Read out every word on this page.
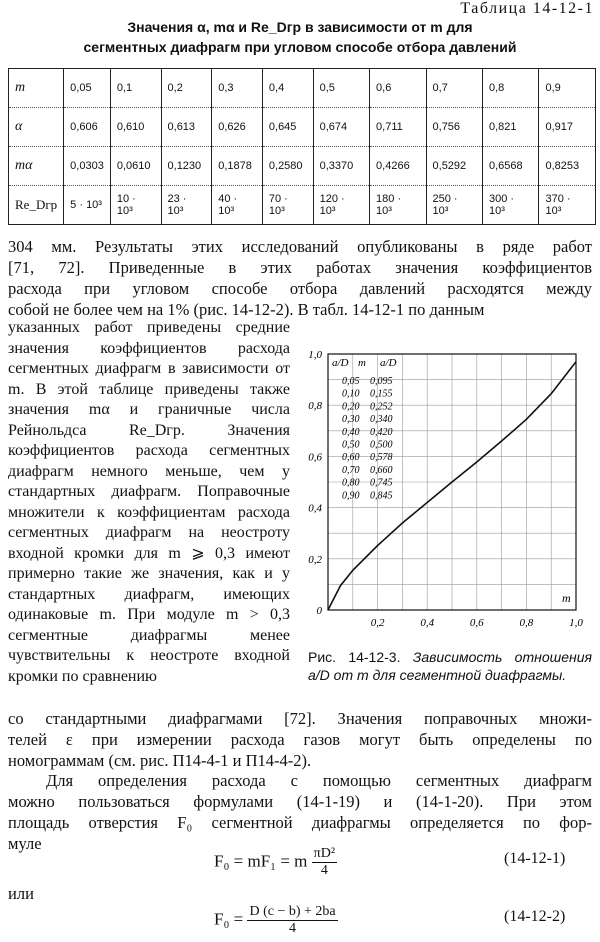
Таблица 14-12-1
Значения α, mα и Re_Dгр в зависимости от m для
сегментных диафрагм при угловом способе отбора давлений
m	0,05	0,1	0,2	0,3	0,4	0,5	0,6	0,7	0,8	0,9
α	0,606	0,610	0,613	0,626	0,645	0,674	0,711	0,756	0,821	0,917
mα	0,0303	0,0610	0,1230	0,1878	0,2580	0,3370	0,4266	0,5292	0,6568	0,8253
Re_Dгр	5 · 10³	10 · 10³	23 · 10³	40 · 10³	70 · 10³	120 · 10³	180 · 10³	250 · 10³	300 · 10³	370 · 10³
304 мм. Результаты этих исследований опубликованы в ряде работ
[71, 72]. Приведенные в этих работах значения коэффициентов
расхода при угловом способе отбора давлений расходятся между
собой не более чем на 1% (рис. 14-12-2). В табл. 14-12-1 по данным
указанных работ приведены средние значения коэффициентов расхода сегментных диафрагм в зависимости от m. В этой таблице приведены также значения mα и граничные числа Рейнольдса Re_Dгр. Значения коэффициентов расхода сегментных диафрагм немного меньше, чем у стандартных диафрагм. Поправочные множители к коэффициентам расхода сегментных диафрагм на неостроту входной кромки для m ⩾ 0,3 имеют примерно такие же значения, как и у стандартных диафрагм, имеющих одинаковые m. При модуле m > 0,3 сегментные диафрагмы менее чувствительны к неостроте входной кромки по сравнению
0
0,2
0,4
0,6
0,8
1,0
0,2	0,4	0,6	0,8	1,0
m
a/D m a/D
0,05 0,095
0,10 0,155
0,20 0,252
0,30 0,340
0,40 0,420
0,50 0,500
0,60 0,578
0,70 0,660
0,80 0,745
0,90 0,845
Рис. 14-12-3. Зависимость отношения a/D от m для сегментной диафрагмы.
со стандартными диафрагмами [72]. Значения поправочных множи-
телей ε при измерении расхода газов могут быть определены по
номограммам (см. рис. П14-4-1 и П14-4-2).
Для определения расхода с помощью сегментных диафрагм
можно пользоваться формулами (14-1-19) и (14-1-20). При этом
площадь отверстия F₀ сегментной диафрагмы определяется по фор-
муле
F₀ = mF₁ = m $\frac{\text{πD²}}{4}$	(14-12-1)
или
$F_0 = \frac{D (c - b) + 2ba}{4}$	(14-12-2)
